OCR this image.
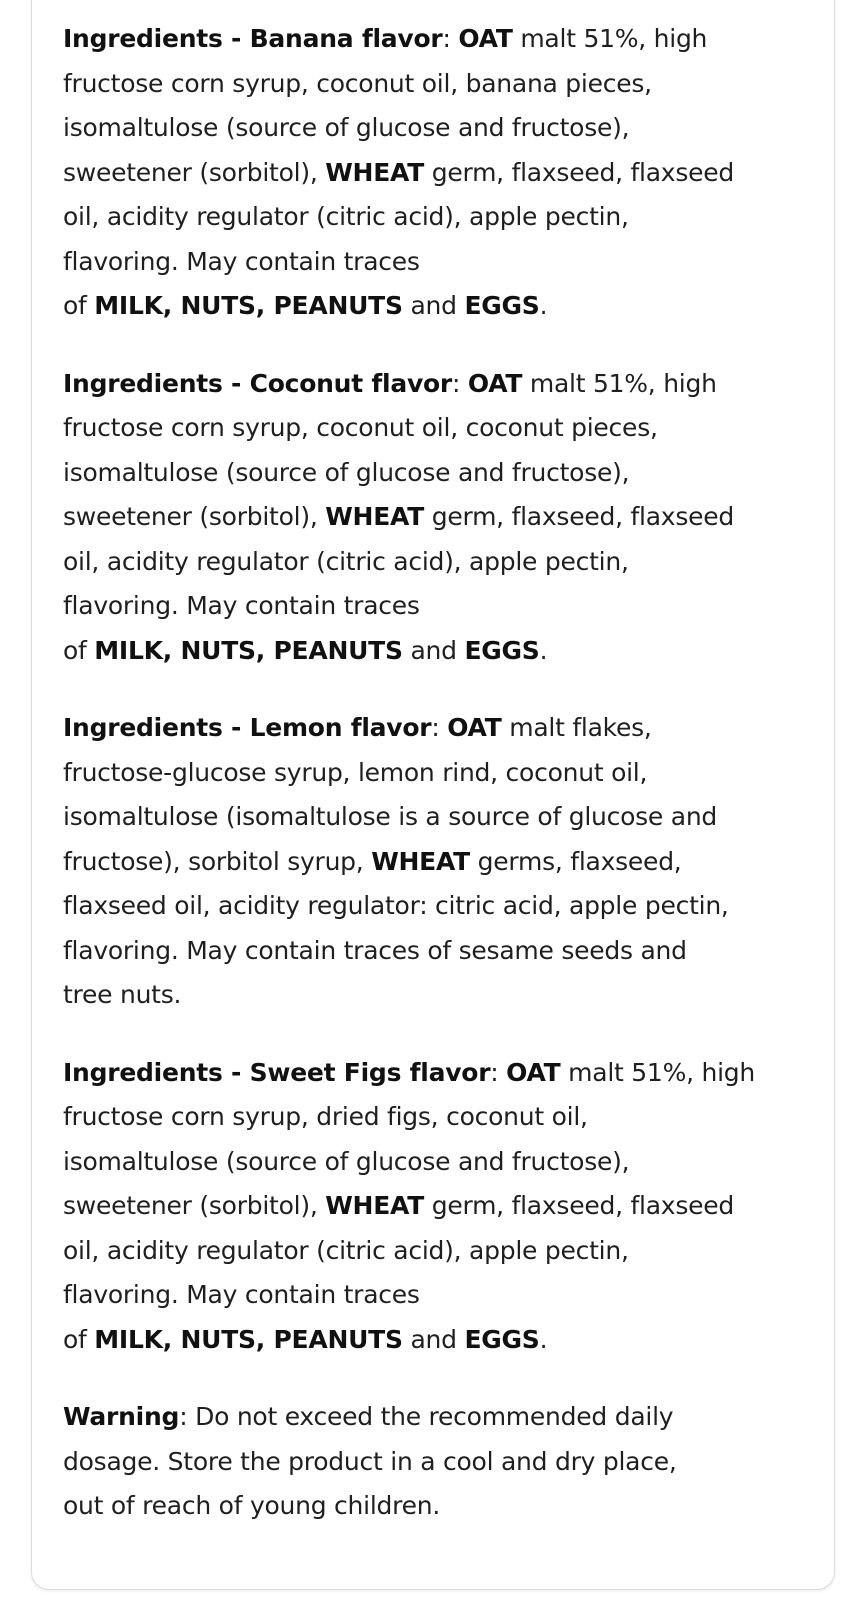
Ingredients - Banana flavor: OAT malt 51%, high
fructose corn syrup, coconut oil, banana pieces,
isomaltulose (source of glucose and fructose),
sweetener (sorbitol), WHEAT germ, flaxseed, flaxseed
oil, acidity regulator (citric acid), apple pectin,
flavoring. May contain traces
of MILK, NUTS, PEANUTS and EGGS.

Ingredients - Coconut flavor: OAT malt 51%, high
fructose corn syrup, coconut oil, coconut pieces,
isomaltulose (source of glucose and fructose),
sweetener (sorbitol), WHEAT germ, flaxseed, flaxseed
oil, acidity regulator (citric acid), apple pectin,
flavoring. May contain traces
of MILK, NUTS, PEANUTS and EGGS.

Ingredients - Lemon flavor: OAT malt flakes,
fructose-glucose syrup, lemon rind, coconut oil,
isomaltulose (isomaltulose is a source of glucose and
fructose), sorbitol syrup, WHEAT germs, flaxseed,
flaxseed oil, acidity regulator: citric acid, apple pectin,
flavoring. May contain traces of sesame seeds and
tree nuts.

Ingredients - Sweet Figs flavor: OAT malt 51%, high
fructose corn syrup, dried figs, coconut oil,
isomaltulose (source of glucose and fructose),
sweetener (sorbitol), WHEAT germ, flaxseed, flaxseed
oil, acidity regulator (citric acid), apple pectin,
flavoring. May contain traces
of MILK, NUTS, PEANUTS and EGGS.

Warning: Do not exceed the recommended daily
dosage. Store the product in a cool and dry place,
out of reach of young children.
